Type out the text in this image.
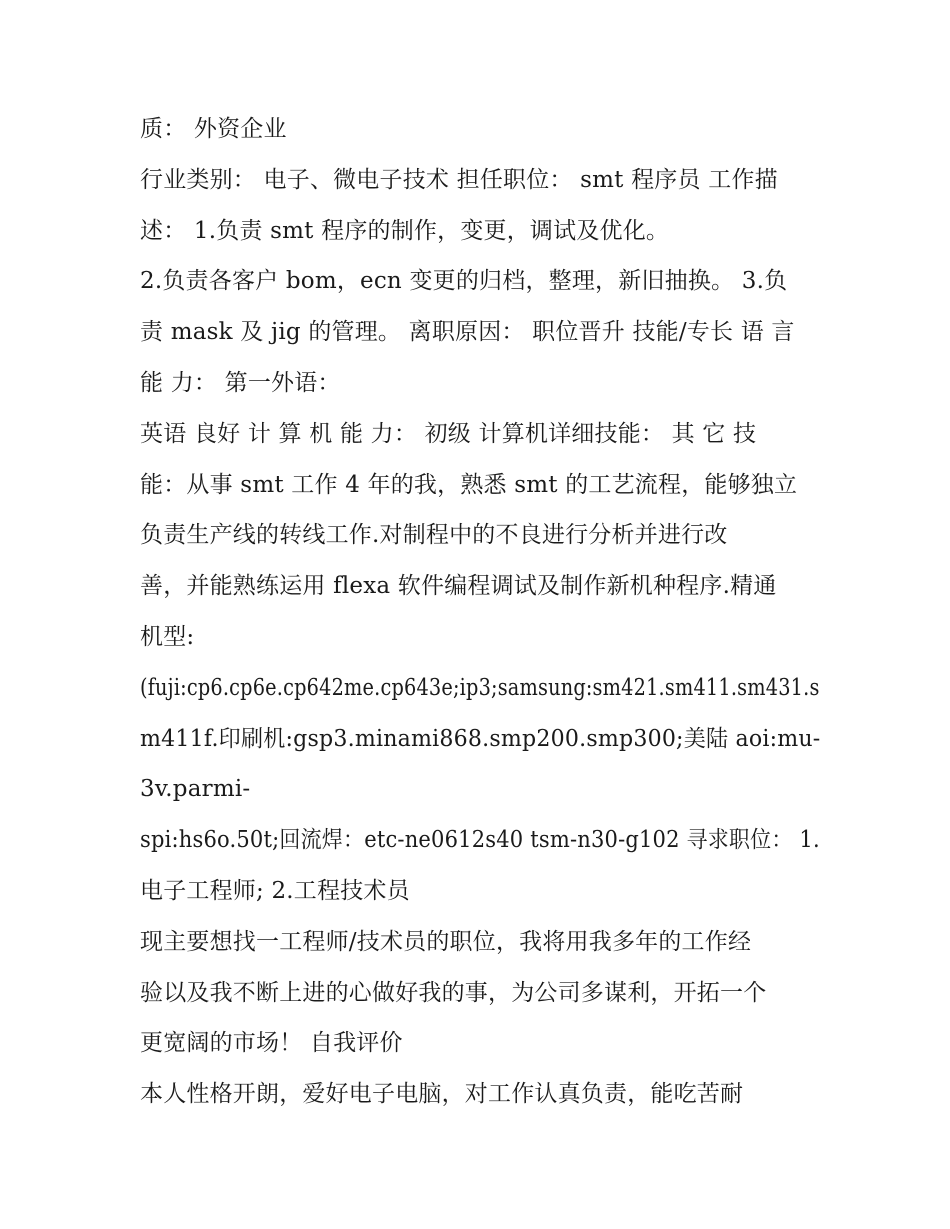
质： 外资企业
行业类别： 电子、微电子技术 担任职位： smt 程序员 工作描
述： 1.负责 smt 程序的制作，变更，调试及优化。
2.负责各客户 bom，ecn 变更的归档，整理，新旧抽换。 3.负
责 mask 及 jig 的管理。 离职原因： 职位晋升 技能/专长 语 言
能 力： 第一外语：
英语 良好 计 算 机 能 力： 初级 计算机详细技能： 其 它 技
能：从事 smt 工作 4 年的我，熟悉 smt 的工艺流程，能够独立
负责生产线的转线工作.对制程中的不良进行分析并进行改
善，并能熟练运用 flexa 软件编程调试及制作新机种程序.精通
机型:
(fuji:cp6.cp6e.cp642me.cp643e;ip3;samsung:sm421.sm411.sm431.s
m411f.印刷机:gsp3.minami868.smp200.smp300;美陆 aoi:mu-
3v.parmi-
spi:hs6o.50t;回流焊：etc-ne0612s40 tsm-n30-g102 寻求职位： 1.
电子工程师; 2.工程技术员
现主要想找一工程师/技术员的职位，我将用我多年的工作经
验以及我不断上进的心做好我的事，为公司多谋利，开拓一个
更宽阔的市场！ 自我评价
本人性格开朗，爱好电子电脑，对工作认真负责，能吃苦耐
